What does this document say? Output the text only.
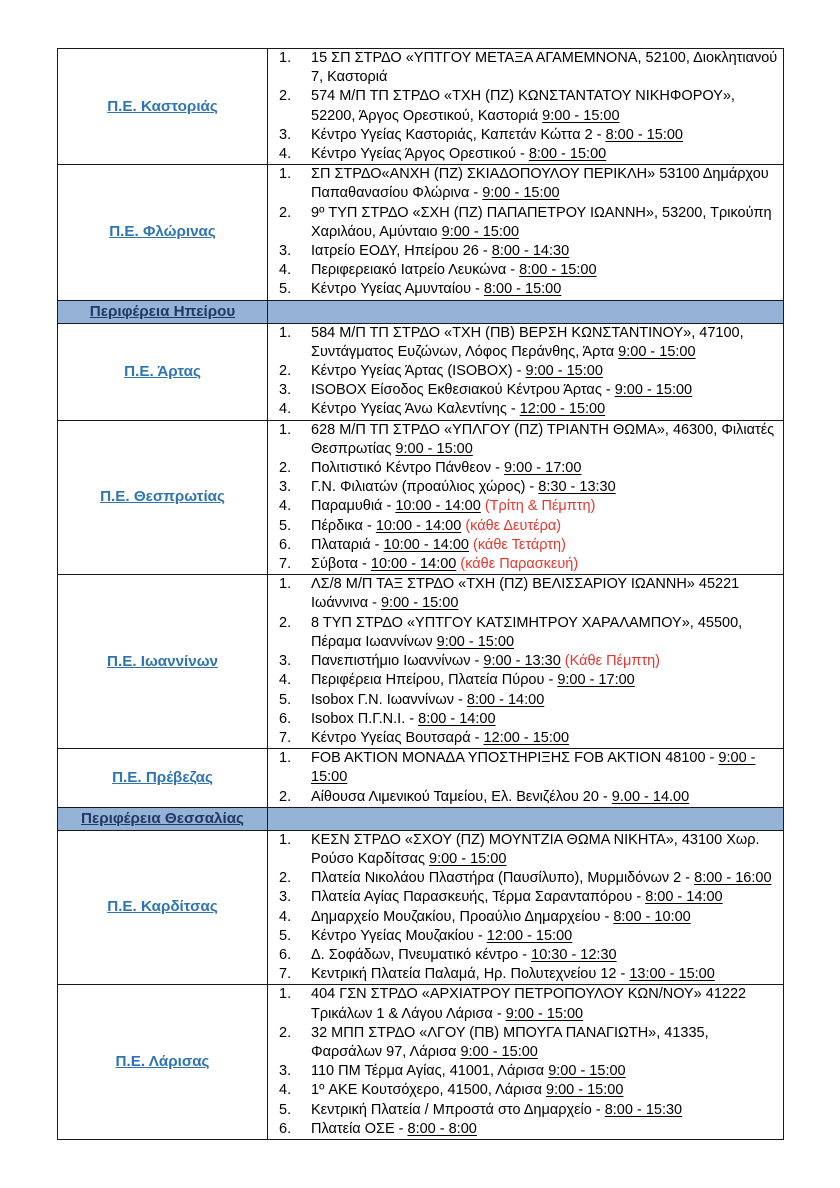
Π.Ε. Καστοριάς	
1.	15 ΣΠ ΣΤΡΔΟ «ΥΠΤΓΟΥ ΜΕΤΑΞΑ ΑΓΑΜΕΜΝΟΝΑ, 52100, Διοκλητιανού 7, Καστοριά
2.	574 Μ/Π ΤΠ ΣΤΡΔΟ «ΤΧΗ (ΠΖ) ΚΩΝΣΤΑΝΤΑΤΟΥ ΝΙΚΗΦΟΡΟΥ», 52200, Άργος Ορεστικού, Καστοριά 9:00 - 15:00
3.	Κέντρο Υγείας Καστοριάς, Καπετάν Κώττα 2 - 8:00 - 15:00
4.	Κέντρο Υγείας Άργος Ορεστικού - 8:00 - 15:00

Π.Ε. Φλώρινας	
1.	ΣΠ ΣΤΡΔΟ«ΑΝΧΗ (ΠΖ) ΣΚΙΑΔΟΠΟΥΛΟΥ ΠΕΡΙΚΛΗ» 53100 Δημάρχου Παπαθανασίου Φλώρινα - 9:00 - 15:00
2.	9º ΤΥΠ ΣΤΡΔΟ «ΣΧΗ (ΠΖ) ΠΑΠΑΠΕΤΡΟΥ ΙΩΑΝΝΗ», 53200, Τρικούπη Χαριλάου, Αμύνταιο 9:00 - 15:00
3.	Ιατρείο ΕΟΔΥ, Ηπείρου 26 - 8:00 - 14:30
4.	Περιφερειακό Ιατρείο Λευκώνα - 8:00 - 15:00
5.	Κέντρο Υγείας Αμυνταίου - 8:00 - 15:00

Περιφέρεια Ηπείρου	
Π.Ε. Άρτας	
1.	584 Μ/Π ΤΠ ΣΤΡΔΟ «ΤΧΗ (ΠΒ) ΒΕΡΣΗ ΚΩΝΣΤΑΝΤΙΝΟΥ», 47100, Συντάγματος Ευζώνων, Λόφος Περάνθης, Άρτα 9:00 - 15:00
2.	Κέντρο Υγείας Άρτας (ISOBOX) - 9:00 - 15:00
3.	ISOBOX Είσοδος Εκθεσιακού Κέντρου Άρτας - 9:00 - 15:00
4.	Κέντρο Υγείας Άνω Καλεντίνης - 12:00 - 15:00

Π.Ε. Θεσπρωτίας	
1.	628 Μ/Π ΤΠ ΣΤΡΔΟ «ΥΠΛΓΟΥ (ΠΖ) ΤΡΙΑΝΤΗ ΘΩΜΑ», 46300, Φιλιατές Θεσπρωτίας 9:00 - 15:00
2.	Πολιτιστικό Κέντρο Πάνθεον - 9:00 - 17:00
3.	Γ.Ν. Φιλιατών (προαύλιος χώρος) - 8:30 - 13:30
4.	Παραμυθιά - 10:00 - 14:00 (Τρίτη & Πέμπτη)
5.	Πέρδικα - 10:00 - 14:00 (κάθε Δευτέρα)
6.	Πλαταριά - 10:00 - 14:00 (κάθε Τετάρτη)
7.	Σύβοτα - 10:00 - 14:00 (κάθε Παρασκευή)

Π.Ε. Ιωαννίνων	
1.	ΛΣ/8 Μ/Π ΤΑΞ ΣΤΡΔΟ «ΤΧΗ (ΠΖ) ΒΕΛΙΣΣΑΡΙΟΥ ΙΩΑΝΝΗ» 45221 Ιωάννινα - 9:00 - 15:00
2.	8 ΤΥΠ ΣΤΡΔΟ «ΥΠΤΓΟΥ ΚΑΤΣΙΜΗΤΡΟΥ ΧΑΡΑΛΑΜΠΟΥ», 45500, Πέραμα Ιωαννίνων 9:00 - 15:00
3.	Πανεπιστήμιο Ιωαννίνων - 9:00 - 13:30 (Κάθε Πέμπτη)
4.	Περιφέρεια Ηπείρου, Πλατεία Πύρου - 9:00 - 17:00
5.	Isobox Γ.Ν. Ιωαννίνων - 8:00 - 14:00
6.	Isobox Π.Γ.Ν.Ι. - 8:00 - 14:00
7.	Κέντρο Υγείας Βουτσαρά - 12:00 - 15:00

Π.Ε. Πρέβεζας	1. FOB AKTION ΜΟΝΑΔΑ ΥΠΟΣΤΗΡΙΞΗΣ FOB AKTION 48100 - 9:00 - 15:00
2. Αίθουσα Λιμενικού Ταμείου, Ελ. Βενιζέλου 20 - 9.00 - 14.00

Περιφέρεια Θεσσαλίας	
Π.Ε. Καρδίτσας	
1.	ΚΕΣΝ ΣΤΡΔΟ «ΣΧΟΥ (ΠΖ) ΜΟΥΝΤΖΙΑ ΘΩΜΑ ΝΙΚΗΤΑ», 43100 Χωρ. Ρούσο Καρδίτσας 9:00 - 15:00
2.	Πλατεία Νικολάου Πλαστήρα (Παυσίλυπο), Μυρμιδόνων 2 - 8:00 - 16:00
3.	Πλατεία Αγίας Παρασκευής, Τέρμα Σαρανταπόρου - 8:00 - 14:00
4.	Δημαρχείο Μουζακίου, Προαύλιο Δημαρχείου - 8:00 - 10:00
5.	Κέντρο Υγείας Μουζακίου - 12:00 - 15:00
6.	Δ. Σοφάδων, Πνευματικό κέντρο - 10:30 - 12:30
7.	Κεντρική Πλατεία Παλαμά, Ηρ. Πολυτεχνείου 12 - 13:00 - 15:00

Π.Ε. Λάρισας	
1.	404 ΓΣΝ ΣΤΡΔΟ «ΑΡΧΙΑΤΡΟΥ ΠΕΤΡΟΠΟΥΛΟΥ ΚΩΝ/ΝΟΥ» 41222 Τρικάλων 1 & Λάγου Λάρισα - 9:00 - 15:00
2.	32 ΜΠΠ ΣΤΡΔΟ «ΛΓΟΥ (ΠΒ) ΜΠΟΥΓΑ ΠΑΝΑΓΙΩΤΗ», 41335, Φαρσάλων 97, Λάρισα 9:00 - 15:00
3.	110 ΠΜ Τέρμα Αγίας, 41001, Λάρισα 9:00 - 15:00
4.	1º ΑΚΕ Κουτσόχερο, 41500, Λάρισα 9:00 - 15:00
5.	Κεντρική Πλατεία / Μπροστά στο Δημαρχείο - 8:00 - 15:30
6.	Πλατεία ΟΣΕ - 8:00 - 8:00
